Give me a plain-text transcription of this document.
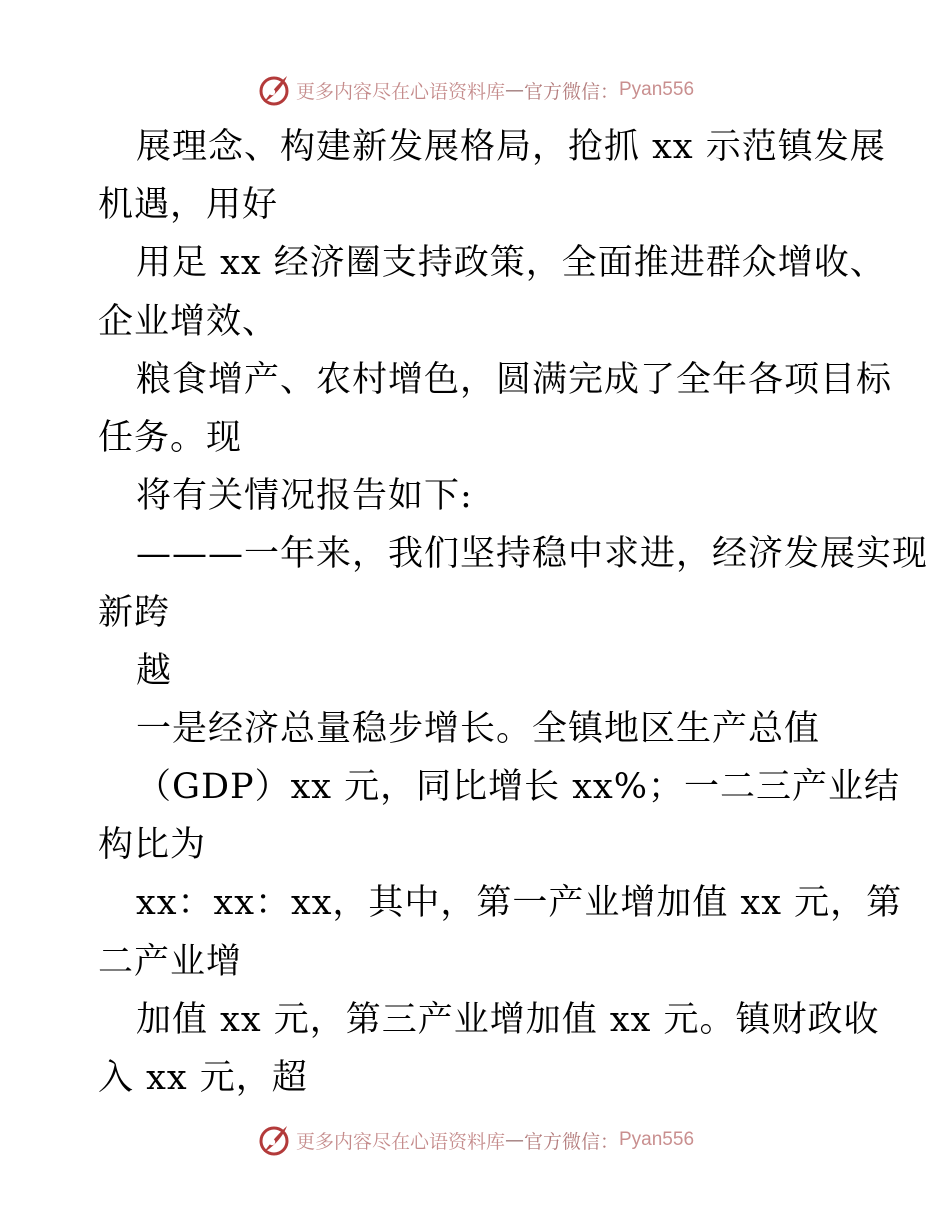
更多内容尽在心语资料库 — 官方微信： Pyan556
展理念、构建新发展格局，抢抓 xx 示范镇发展
机遇，用好
用足 xx 经济圈支持政策，全面推进群众增收、
企业增效、
粮食增产、农村增色，圆满完成了全年各项目标
任务。现
将有关情况报告如下:
———一年来，我们坚持稳中求进，经济发展实现
新跨
越
一是经济总量稳步增长。全镇地区生产总值
（GDP）xx 元，同比增长 xx%；一二三产业结
构比为
xx：xx：xx，其中，第一产业增加值 xx 元，第
二产业增
加值 xx 元，第三产业增加值 xx 元。镇财政收
入 xx 元，超
更多内容尽在心语资料库 — 官方微信： Pyan556
